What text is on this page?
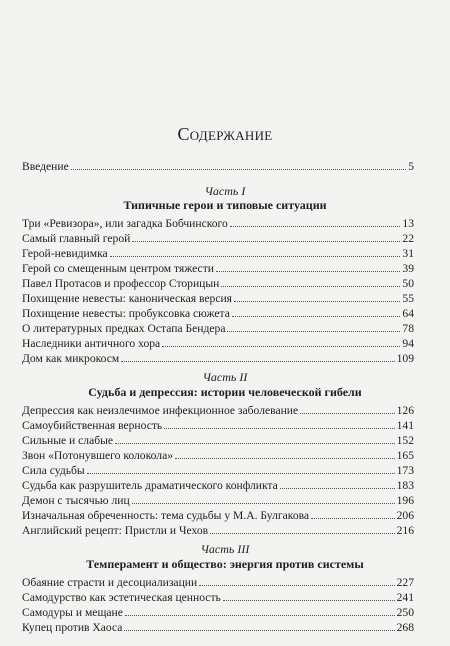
Содержание
Введение	5
Часть I
Типичные герои и типовые ситуации
Три «Ревизора», или загадка Бобчинского	13
Самый главный герой	22
Герой-невидимка	31
Герой со смещенным центром тяжести	39
Павел Протасов и профессор Сторицын	50
Похищение невесты: каноническая версия	55
Похищение невесты: пробуксовка сюжета	64
О литературных предках Остапа Бендера	78
Наследники античного хора	94
Дом как микрокосм	109
Часть II
Судьба и депрессия: истории человеческой гибели
Депрессия как неизлечимое инфекционное заболевание	126
Самоубийственная верность	141
Сильные и слабые	152
Звон «Потонувшего колокола»	165
Сила судьбы	173
Судьба как разрушитель драматического конфликта	183
Демон с тысячью лиц	196
Изначальная обреченность: тема судьбы у М.А. Булгакова	206
Английский рецепт: Пристли и Чехов	216
Часть III
Темперамент и общество: энергия против системы
Обаяние страсти и десоциализации	227
Самодурство как эстетическая ценность	241
Самодуры и мещане	250
Купец против Хаоса	268
